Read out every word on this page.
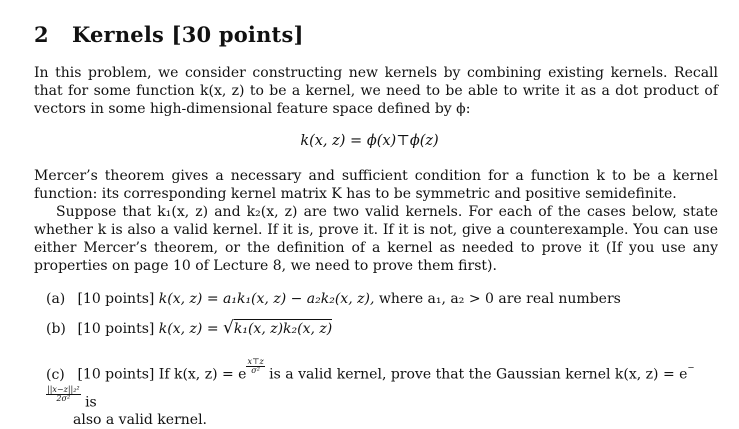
2	Kernels [30 points]
In this problem, we consider constructing new kernels by combining existing kernels. Recall that for some function k(x, z) to be a kernel, we need to be able to write it as a dot product of vectors in some high-dimensional feature space defined by ϕ:
k(x, z) = ϕ(x)⊤ϕ(z)
Mercer’s theorem gives a necessary and sufficient condition for a function k to be a kernel function: its corresponding kernel matrix K has to be symmetric and positive semidefinite.
Suppose that k₁(x, z) and k₂(x, z) are two valid kernels. For each of the cases below, state whether k is also a valid kernel. If it is, prove it. If it is not, give a counterexample. You can use either Mercer’s theorem, or the definition of a kernel as needed to prove it (If you use any properties on page 10 of Lecture 8, we need to prove them first).
(a) [10 points] k(x, z) = a₁k₁(x, z) − a₂k₂(x, z), where a₁, a₂ > 0 are real numbers
(b) [10 points] k(x, z) = √k₁(x, z)k₂(x, z)
(c) [10 points] If k(x, z) = e $\frac{x⊤z}{\text{σ²}}$ is a valid kernel, prove that the Gaussian kernel k(x, z) = e−
$\frac{\text{||x−z||₂²}}{\text{2σ²}}$ is
also a valid kernel.
